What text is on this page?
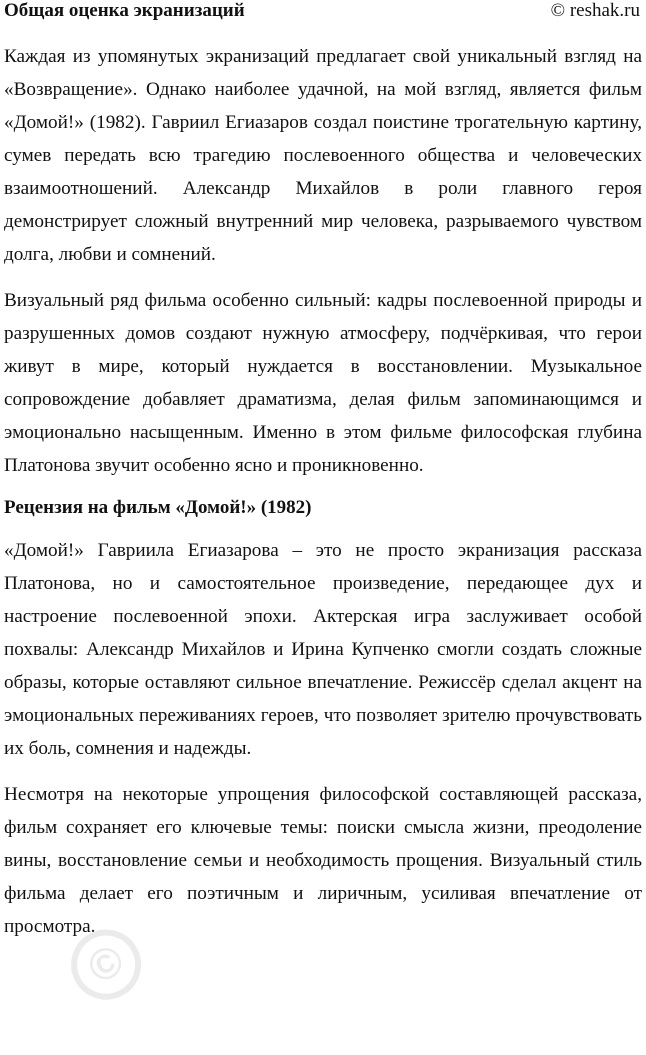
Общая оценка экранизаций	© reshak.ru

Каждая из упомянутых экранизаций предлагает свой уникальный взгляд на «Возвращение». Однако наиболее удачной, на мой взгляд, является фильм «Домой!» (1982). Гавриил Егиазаров создал поистине трогательную картину, сумев передать всю трагедию послевоенного общества и человеческих взаимоотношений. Александр Михайлов в роли главного героя демонстрирует сложный внутренний мир человека, разрываемого чувством долга, любви и сомнений.

Визуальный ряд фильма особенно сильный: кадры послевоенной природы и разрушенных домов создают нужную атмосферу, подчёркивая, что герои живут в мире, который нуждается в восстановлении. Музыкальное сопровождение добавляет драматизма, делая фильм запоминающимся и эмоционально насыщенным. Именно в этом фильме философская глубина Платонова звучит особенно ясно и проникновенно.

Рецензия на фильм «Домой!» (1982)

«Домой!» Гавриила Егиазарова – это не просто экранизация рассказа Платонова, но и самостоятельное произведение, передающее дух и настроение послевоенной эпохи. Актерская игра заслуживает особой похвалы: Александр Михайлов и Ирина Купченко смогли создать сложные образы, которые оставляют сильное впечатление. Режиссёр сделал акцент на эмоциональных переживаниях героев, что позволяет зрителю прочувствовать их боль, сомнения и надежды.

Несмотря на некоторые упрощения философской составляющей рассказа, фильм сохраняет его ключевые темы: поиски смысла жизни, преодоление вины, восстановление семьи и необходимость прощения. Визуальный стиль фильма делает его поэтичным и лиричным, усиливая впечатление от просмотра.

©
